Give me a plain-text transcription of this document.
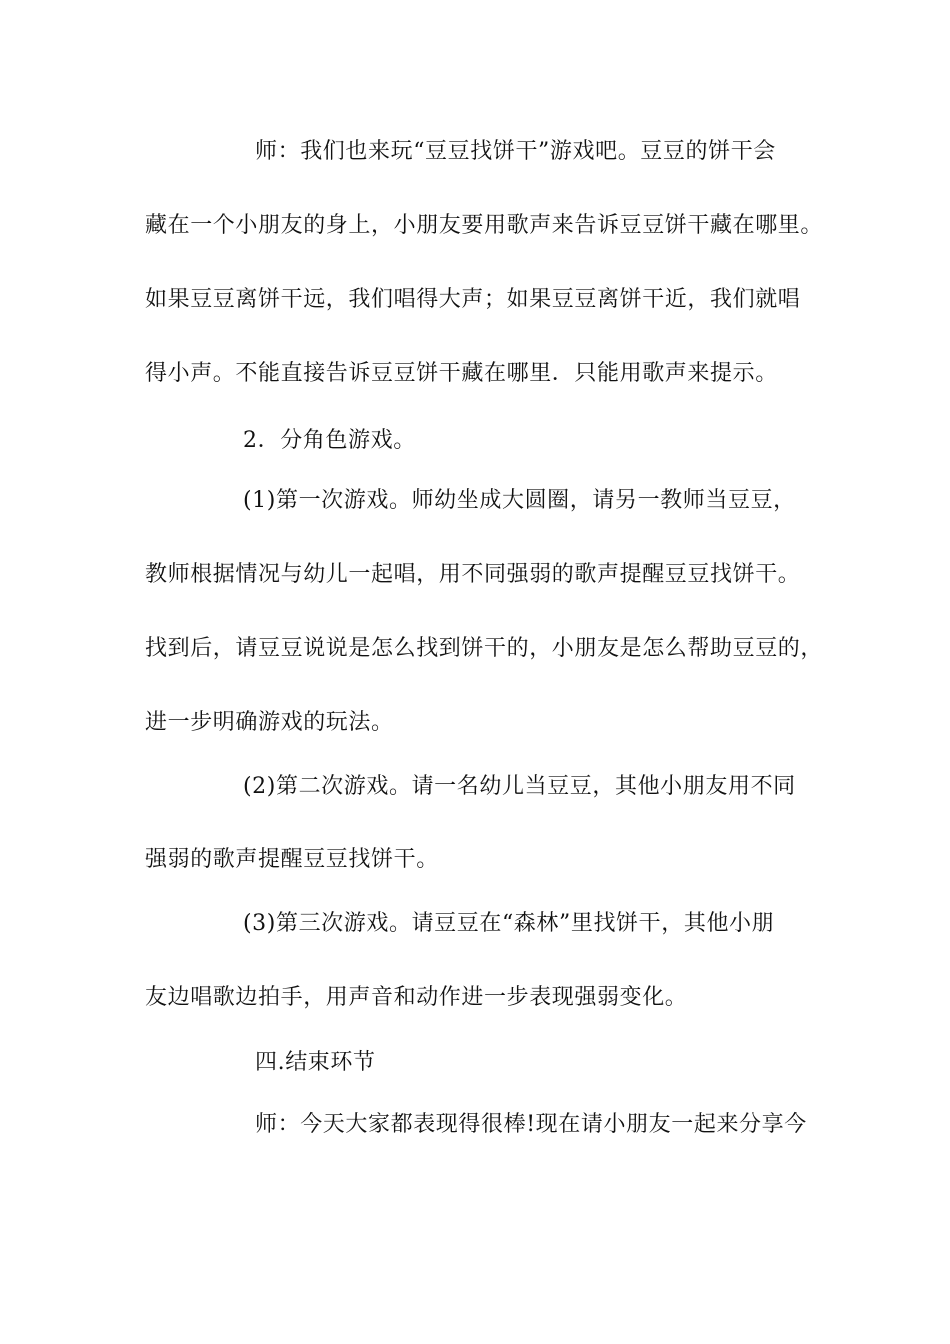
师：我们也来玩“豆豆找饼干”游戏吧。豆豆的饼干会
藏在一个小朋友的身上，小朋友要用歌声来告诉豆豆饼干藏在哪里。
如果豆豆离饼干远，我们唱得大声；如果豆豆离饼干近，我们就唱
得小声。不能直接告诉豆豆饼干藏在哪里．只能用歌声来提示。
2．分角色游戏。
(1)第一次游戏。师幼坐成大圆圈，请另一教师当豆豆，
教师根据情况与幼儿一起唱，用不同强弱的歌声提醒豆豆找饼干。
找到后，请豆豆说说是怎么找到饼干的，小朋友是怎么帮助豆豆的，
进一步明确游戏的玩法。
(2)第二次游戏。请一名幼儿当豆豆，其他小朋友用不同
强弱的歌声提醒豆豆找饼干。
(3)第三次游戏。请豆豆在“森林”里找饼干，其他小朋
友边唱歌边拍手，用声音和动作进一步表现强弱变化。
四.结束环节
师：今天大家都表现得很棒!现在请小朋友一起来分享今
